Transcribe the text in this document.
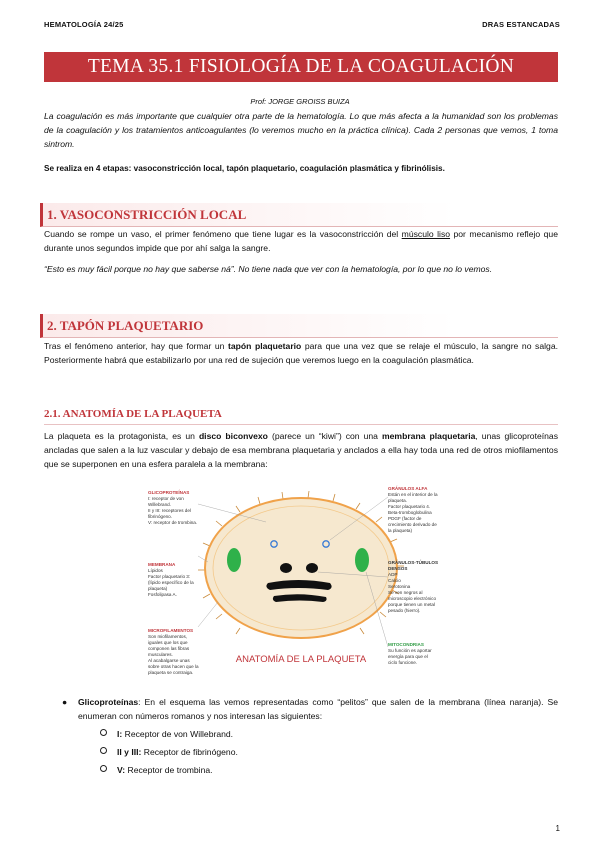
HEMATOLOGÍA 24/25	DRAS ESTANCADAS
TEMA 35.1 FISIOLOGÍA DE LA COAGULACIÓN
Prof: JORGE GROISS BUIZA
La coagulación es más importante que cualquier otra parte de la hematología. Lo que más afecta a la humanidad son los problemas de la coagulación y los tratamientos anticoagulantes (lo veremos mucho en la práctica clínica). Cada 2 personas que vemos, 1 toma sintrom.
Se realiza en 4 etapas: vasoconstricción local, tapón plaquetario, coagulación plasmática y fibrinólisis.
1. VASOCONSTRICCIÓN LOCAL
Cuando se rompe un vaso, el primer fenómeno que tiene lugar es la vasoconstricción del músculo liso por mecanismo reflejo que durante unos segundos impide que por ahí salga la sangre.
“Esto es muy fácil porque no hay que saberse ná”. No tiene nada que ver con la hematología, por lo que no lo vemos.
2. TAPÓN PLAQUETARIO
Tras el fenómeno anterior, hay que formar un tapón plaquetario para que una vez que se relaje el músculo, la sangre no salga. Posteriormente habrá que estabilizarlo por una red de sujeción que veremos luego en la coagulación plasmática.
2.1. ANATOMÍA DE LA PLAQUETA
La plaqueta es la protagonista, es un disco biconvexo (parece un “kiwi”) con una membrana plaquetaria, unas glicoproteínas ancladas que salen a la luz vascular y debajo de esa membrana plaquetaria y anclados a ella hay toda una red de otros miofilamentos que se superponen en una esfera paralela a la membrana:
ANATOMÍA DE LA PLAQUETA
GLICOPROTEÍNAS
I: receptor de von
Willebrand.
II y III: receptores del
fibrinógeno.
V: receptor de trombina.
MEMBRANA
Lípidos
Factor plaquetario 3:
(lípido específico de la
plaqueta)
Fosfolipasa A.
MICROFILAMENTOS
Son miofilamentos,
iguales que los que
componen las fibras
musculares.
Al acabalgarse unas
sobre otras hacen que la
plaqueta se contraiga.
GRÁNULOS ALFA
Están en el interior de la
plaqueta.
Factor plaquetario 4.
Beta-tromboglobulina
PDGF (factor de
crecimiento derivado de
la plaqueta)
GRÁNULOS-TÚBULOS
DENSOS
ADP
Calcio
Serotonina
Se ven negros al
microscopio electrónico
porque tienen un metal
pesado (hierro).
MITOCONDRIAS
Su función es aportar
energía para que el
ciclo funcione.
● Glicoproteínas: En el esquema las vemos representadas como “pelitos” que salen de la membrana (línea naranja). Se enumeran con números romanos y nos interesan las siguientes:
I: Receptor de von Willebrand.
II y III: Receptor de fibrinógeno.
V: Receptor de trombina.
1
